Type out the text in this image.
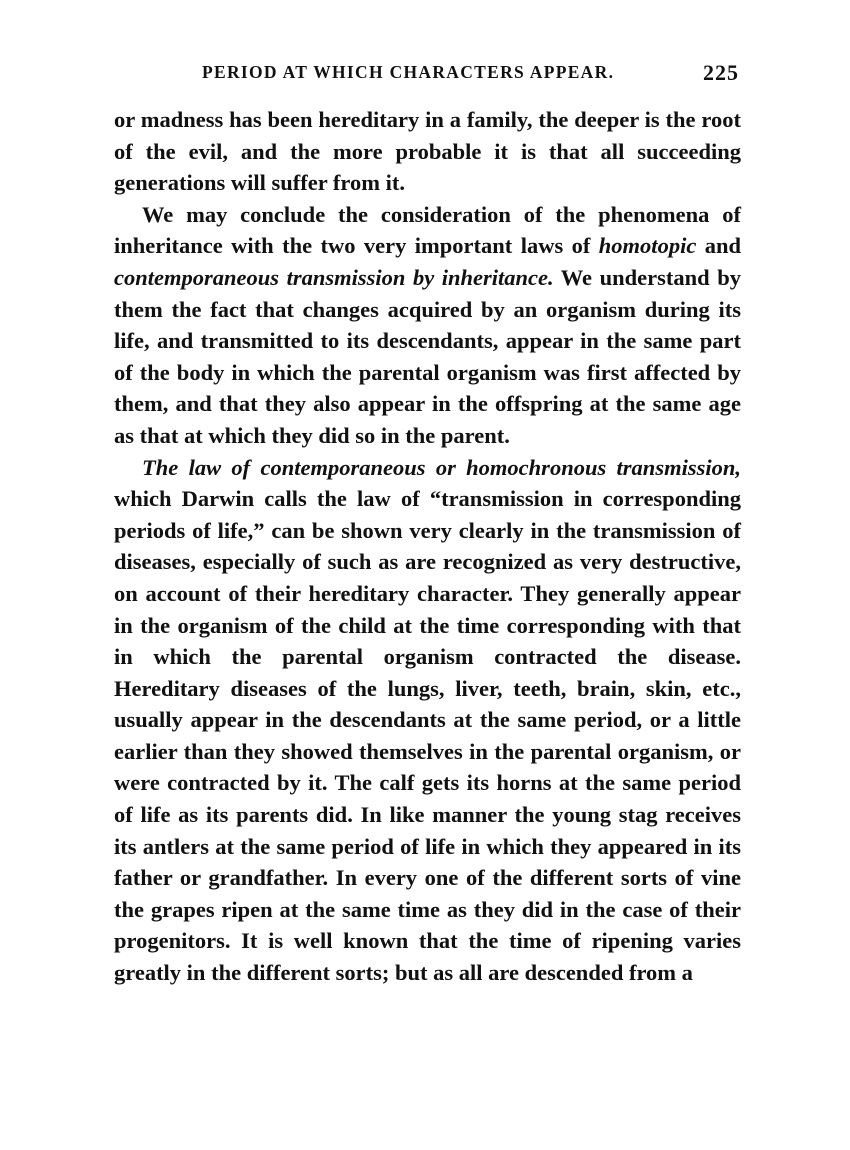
PERIOD AT WHICH CHARACTERS APPEAR.	225

or madness has been hereditary in a family, the deeper is the root of the evil, and the more probable it is that all succeeding generations will suffer from it.

We may conclude the consideration of the phenomena of inheritance with the two very important laws of homotopic and contemporaneous transmission by inheritance. We understand by them the fact that changes acquired by an organism during its life, and transmitted to its descendants, appear in the same part of the body in which the parental organism was first affected by them, and that they also appear in the offspring at the same age as that at which they did so in the parent.

The law of contemporaneous or homochronous transmission, which Darwin calls the law of “transmission in corresponding periods of life,” can be shown very clearly in the transmission of diseases, especially of such as are recognized as very destructive, on account of their hereditary character. They generally appear in the organism of the child at the time corresponding with that in which the parental organism contracted the disease. Hereditary diseases of the lungs, liver, teeth, brain, skin, etc., usually appear in the descendants at the same period, or a little earlier than they showed themselves in the parental organism, or were contracted by it. The calf gets its horns at the same period of life as its parents did. In like manner the young stag receives its antlers at the same period of life in which they appeared in its father or grandfather. In every one of the different sorts of vine the grapes ripen at the same time as they did in the case of their progenitors. It is well known that the time of ripening varies greatly in the different sorts; but as all are descended from a
